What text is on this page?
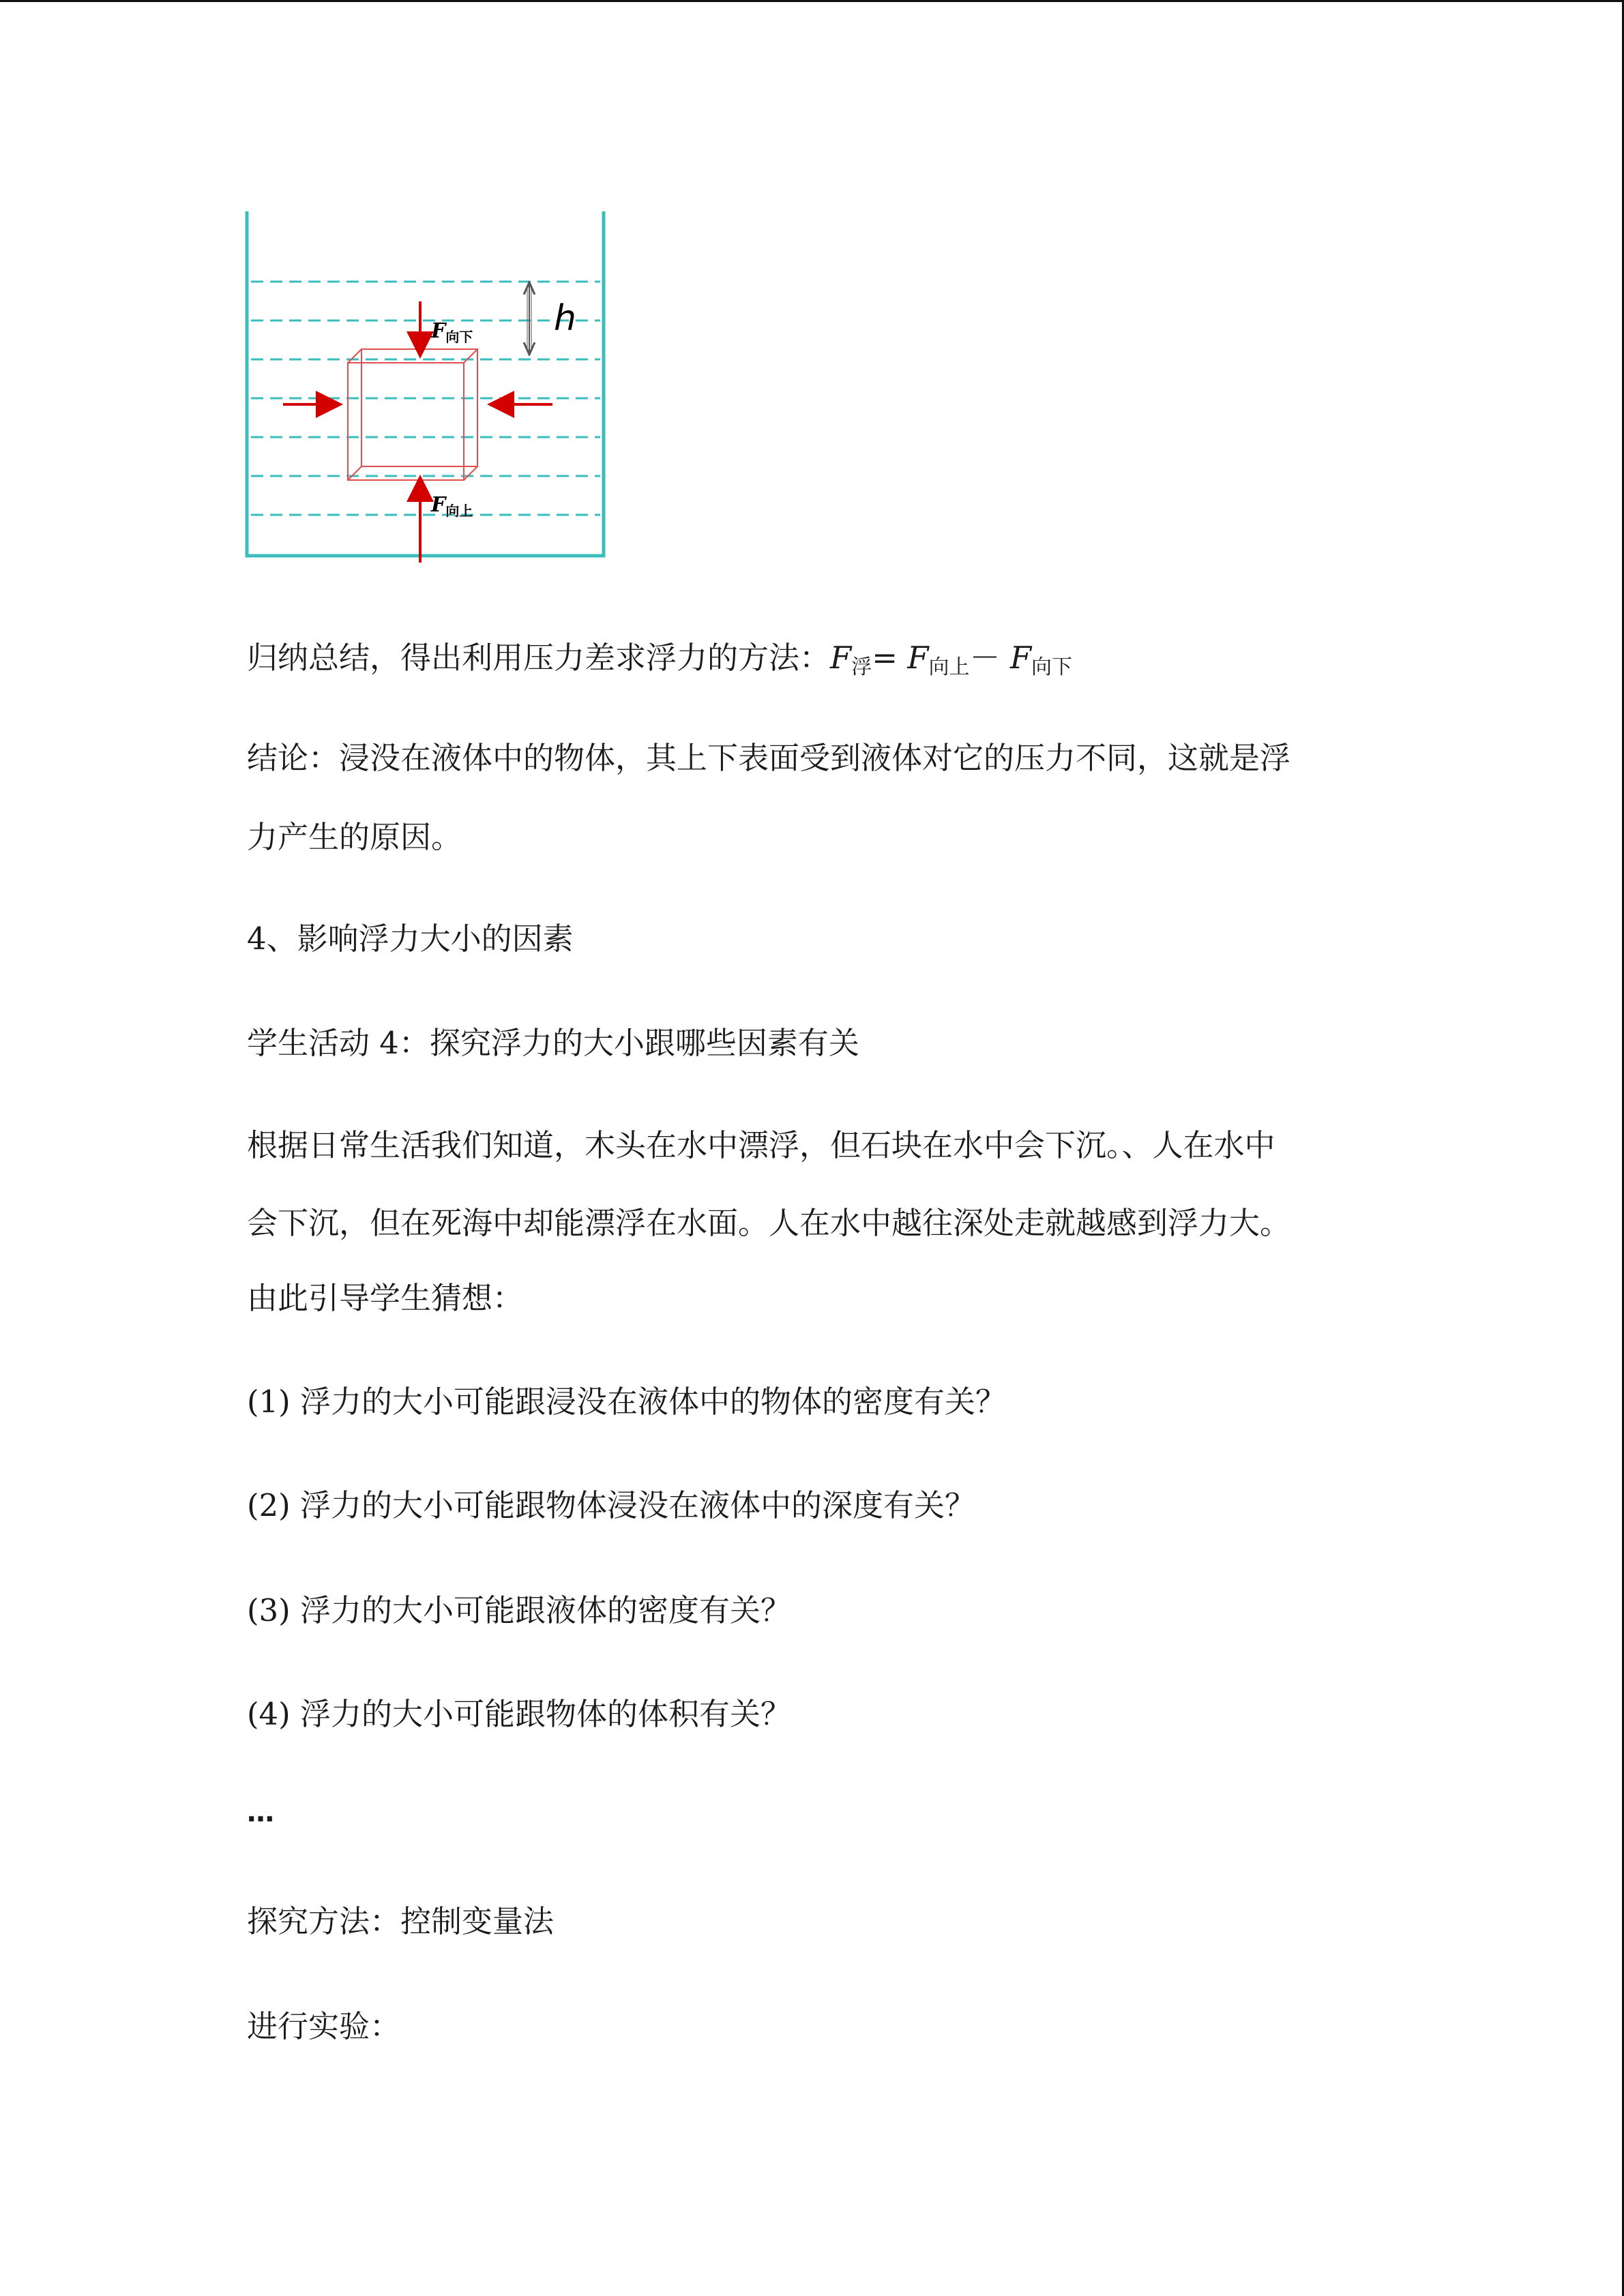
$F_{向下}$
$F_{向上}$
h

归纳总结，得出利用压力差求浮力的方法：$F_浮= F_{向上}- F_{向下}$

结论：浸没在液体中的物体，其上下表面受到液体对它的压力不同，这就是浮

力产生的原因。

4、影响浮力大小的因素

学生活动 4：探究浮力的大小跟哪些因素有关

根据日常生活我们知道，木头在水中漂浮，但石块在水中会下沉。、人在水中

会下沉，但在死海中却能漂浮在水面。人在水中越往深处走就越感到浮力大。

由此引导学生猜想：

(1) 浮力的大小可能跟浸没在液体中的物体的密度有关？

(2) 浮力的大小可能跟物体浸没在液体中的深度有关？

(3) 浮力的大小可能跟液体的密度有关？

(4) 浮力的大小可能跟物体的体积有关？

…

探究方法：控制变量法

进行实验：
